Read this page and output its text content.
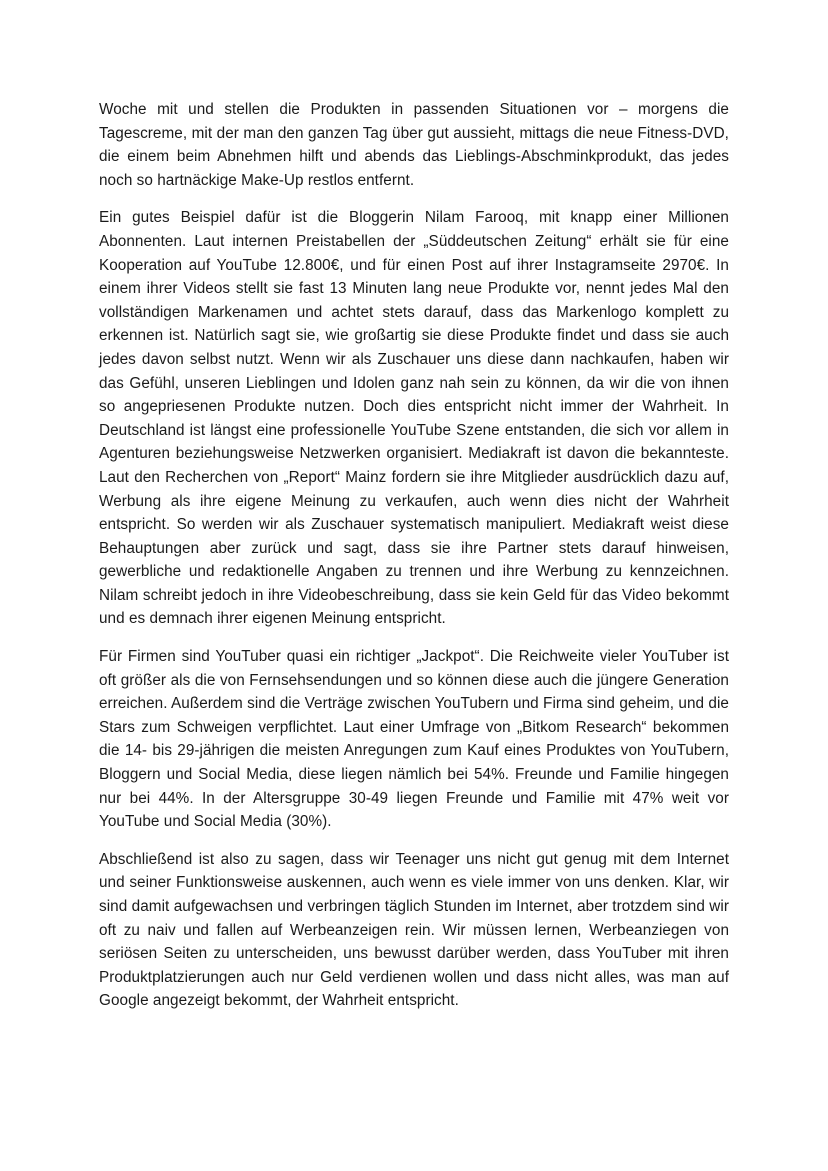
Woche mit und stellen die Produkten in passenden Situationen vor – morgens die Tagescreme, mit der man den ganzen Tag über gut aussieht, mittags die neue Fitness-DVD, die einem beim Abnehmen hilft und abends das Lieblings-Abschminkprodukt, das jedes noch so hartnäckige Make-Up restlos entfernt.

Ein gutes Beispiel dafür ist die Bloggerin Nilam Farooq, mit knapp einer Millionen Abonnenten. Laut internen Preistabellen der „Süddeutschen Zeitung“ erhält sie für eine Kooperation auf YouTube 12.800€, und für einen Post auf ihrer Instagramseite 2970€. In einem ihrer Videos stellt sie fast 13 Minuten lang neue Produkte vor, nennt jedes Mal den vollständigen Markenamen und achtet stets darauf, dass das Markenlogo komplett zu erkennen ist. Natürlich sagt sie, wie großartig sie diese Produkte findet und dass sie auch jedes davon selbst nutzt. Wenn wir als Zuschauer uns diese dann nachkaufen, haben wir das Gefühl, unseren Lieblingen und Idolen ganz nah sein zu können, da wir die von ihnen so angepriesenen Produkte nutzen. Doch dies entspricht nicht immer der Wahrheit. In Deutschland ist längst eine professionelle YouTube Szene entstanden, die sich vor allem in Agenturen beziehungsweise Netzwerken organisiert. Mediakraft ist davon die bekannteste. Laut den Recherchen von „Report“ Mainz fordern sie ihre Mitglieder ausdrücklich dazu auf, Werbung als ihre eigene Meinung zu verkaufen, auch wenn dies nicht der Wahrheit entspricht. So werden wir als Zuschauer systematisch manipuliert. Mediakraft weist diese Behauptungen aber zurück und sagt, dass sie ihre Partner stets darauf hinweisen, gewerbliche und redaktionelle Angaben zu trennen und ihre Werbung zu kennzeichnen. Nilam schreibt jedoch in ihre Videobeschreibung, dass sie kein Geld für das Video bekommt und es demnach ihrer eigenen Meinung entspricht.

Für Firmen sind YouTuber quasi ein richtiger „Jackpot“. Die Reichweite vieler YouTuber ist oft größer als die von Fernsehsendungen und so können diese auch die jüngere Generation erreichen. Außerdem sind die Verträge zwischen YouTubern und Firma sind geheim, und die Stars zum Schweigen verpflichtet. Laut einer Umfrage von „Bitkom Research“ bekommen die 14- bis 29-jährigen die meisten Anregungen zum Kauf eines Produktes von YouTubern, Bloggern und Social Media, diese liegen nämlich bei 54%. Freunde und Familie hingegen nur bei 44%. In der Altersgruppe 30-49 liegen Freunde und Familie mit 47% weit vor YouTube und Social Media (30%).

Abschließend ist also zu sagen, dass wir Teenager uns nicht gut genug mit dem Internet und seiner Funktionsweise auskennen, auch wenn es viele immer von uns denken. Klar, wir sind damit aufgewachsen und verbringen täglich Stunden im Internet, aber trotzdem sind wir oft zu naiv und fallen auf Werbeanzeigen rein. Wir müssen lernen, Werbeanziegen von seriösen Seiten zu unterscheiden, uns bewusst darüber werden, dass YouTuber mit ihren Produktplatzierungen auch nur Geld verdienen wollen und dass nicht alles, was man auf Google angezeigt bekommt, der Wahrheit entspricht.
